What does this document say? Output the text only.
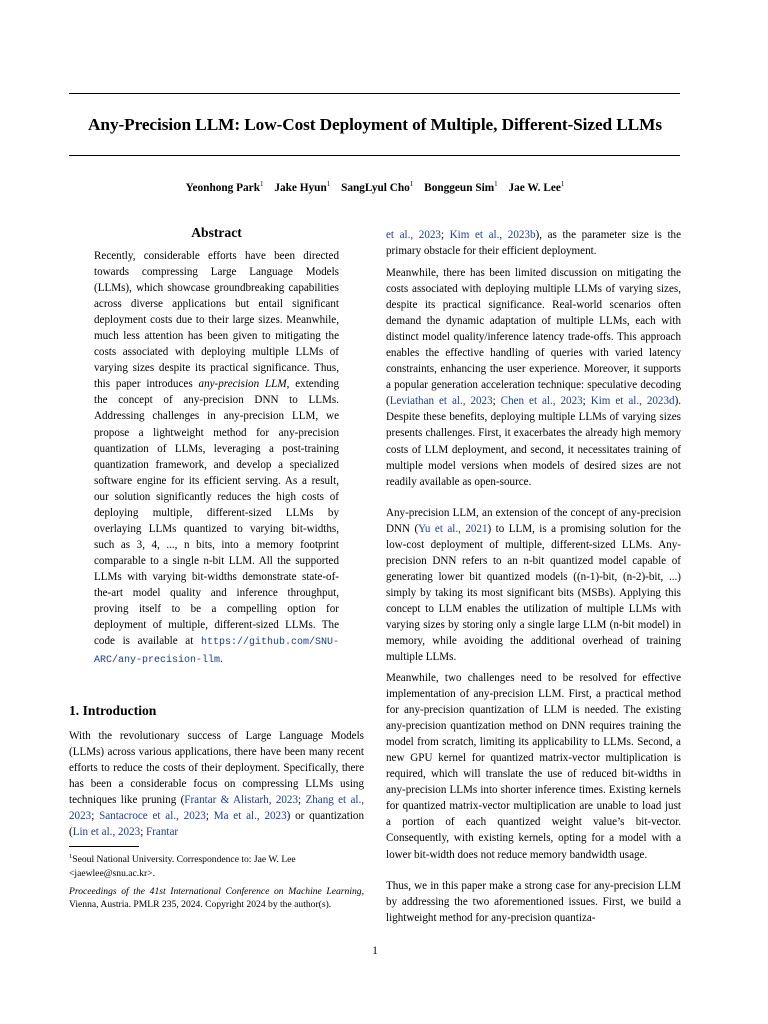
Any-Precision LLM: Low-Cost Deployment of Multiple, Different-Sized LLMs
Yeonhong Park$^1$ Jake Hyun$^1$ SangLyul Cho$^1$ Bonggeun Sim$^1$ Jae W. Lee$^1$
Abstract
Recently, considerable efforts have been directed towards compressing Large Language Models (LLMs), which showcase groundbreaking capabilities across diverse applications but entail significant deployment costs due to their large sizes. Meanwhile, much less attention has been given to mitigating the costs associated with deploying multiple LLMs of varying sizes despite its practical significance. Thus, this paper introduces any-precision LLM, extending the concept of any-precision DNN to LLMs. Addressing challenges in any-precision LLM, we propose a lightweight method for any-precision quantization of LLMs, leveraging a post-training quantization framework, and develop a specialized software engine for its efficient serving. As a result, our solution significantly reduces the high costs of deploying multiple, different-sized LLMs by overlaying LLMs quantized to varying bit-widths, such as 3, 4, ..., n bits, into a memory footprint comparable to a single n-bit LLM. All the supported LLMs with varying bit-widths demonstrate state-of-the-art model quality and inference throughput, proving itself to be a compelling option for deployment of multiple, different-sized LLMs. The code is available at https://github.com/SNU-ARC/any-precision-llm.
1. Introduction
With the revolutionary success of Large Language Models (LLMs) across various applications, there have been many recent efforts to reduce the costs of their deployment. Specifically, there has been a considerable focus on compressing LLMs using techniques like pruning (Frantar & Alistarh, 2023; Zhang et al., 2023; Santacroce et al., 2023; Ma et al., 2023) or quantization (Lin et al., 2023; Frantar
$^1$Seoul National University. Correspondence to: Jae W. Lee <jaewlee@snu.ac.kr>.
Proceedings of the 41st International Conference on Machine Learning, Vienna, Austria. PMLR 235, 2024. Copyright 2024 by the author(s).

et al., 2023; Kim et al., 2023b), as the parameter size is the primary obstacle for their efficient deployment.

Meanwhile, there has been limited discussion on mitigating the costs associated with deploying multiple LLMs of varying sizes, despite its practical significance. Real-world scenarios often demand the dynamic adaptation of multiple LLMs, each with distinct model quality/inference latency trade-offs. This approach enables the effective handling of queries with varied latency constraints, enhancing the user experience. Moreover, it supports a popular generation acceleration technique: speculative decoding (Leviathan et al., 2023; Chen et al., 2023; Kim et al., 2023d). Despite these benefits, deploying multiple LLMs of varying sizes presents challenges. First, it exacerbates the already high memory costs of LLM deployment, and second, it necessitates training of multiple model versions when models of desired sizes are not readily available as open-source.

Any-precision LLM, an extension of the concept of any-precision DNN (Yu et al., 2021) to LLM, is a promising solution for the low-cost deployment of multiple, different-sized LLMs. Any-precision DNN refers to an n-bit quantized model capable of generating lower bit quantized models ((n-1)-bit, (n-2)-bit, ...) simply by taking its most significant bits (MSBs). Applying this concept to LLM enables the utilization of multiple LLMs with varying sizes by storing only a single large LLM (n-bit model) in memory, while avoiding the additional overhead of training multiple LLMs.

Meanwhile, two challenges need to be resolved for effective implementation of any-precision LLM. First, a practical method for any-precision quantization of LLM is needed. The existing any-precision quantization method on DNN requires training the model from scratch, limiting its applicability to LLMs. Second, a new GPU kernel for quantized matrix-vector multiplication is required, which will translate the use of reduced bit-widths in any-precision LLMs into shorter inference times. Existing kernels for quantized matrix-vector multiplication are unable to load just a portion of each quantized weight value’s bit-vector. Consequently, with existing kernels, opting for a model with a lower bit-width does not reduce memory bandwidth usage.

Thus, we in this paper make a strong case for any-precision LLM by addressing the two aforementioned issues. First, we build a lightweight method for any-precision quantiza-

1
